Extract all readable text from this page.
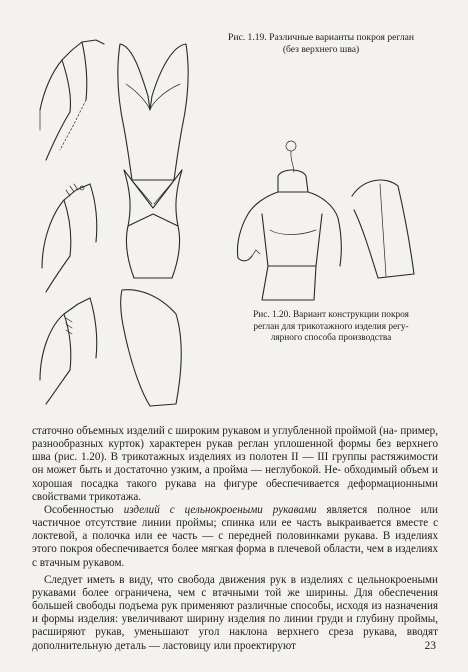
Рис. 1.19. Различные варианты покроя реглан
(без верхнего шва)
Рис. 1.20. Вариант конструкции покроя
реглан для трикотажного изделия регу-
лярного способа производства

статочно объемных изделий с широким рукавом и углубленной проймой (на- пример, разнообразных курток) характерен рукав реглан уплошенной формы без верхнего шва (рис. 1.20). В трикотажных изделиях из полотен II — III группы растяжимости он может быть и достаточно узким, а пройма — неглубокой. Не- обходимый объем и хорошая посадка такого рукава на фигуре обеспечивается деформационными свойствами трикотажа.

Особенностью изделий с цельнокроеными рукавами является полное или частичное отсутствие линии проймы; спинка или ее часть выкраивается вместе с локтевой, а полочка или ее часть — с передней половинками рукава. В изделиях этого покроя обеспечивается более мягкая форма в плечевой области, чем в изделиях с втачным рукавом.

Следует иметь в виду, что свобода движения рук в изделиях с цельнокроеными рукавами более ограничена, чем с втачными той же ширины. Для обеспечения большей свободы подъема рук применяют различные способы, исходя из назначения и формы изделия: увеличивают ширину изделия по линии груди и глубину проймы, расширяют рукав, уменьшают угол наклона верхнего среза рукава, вводят дополнительную деталь — ластовицу или проектируют	23
